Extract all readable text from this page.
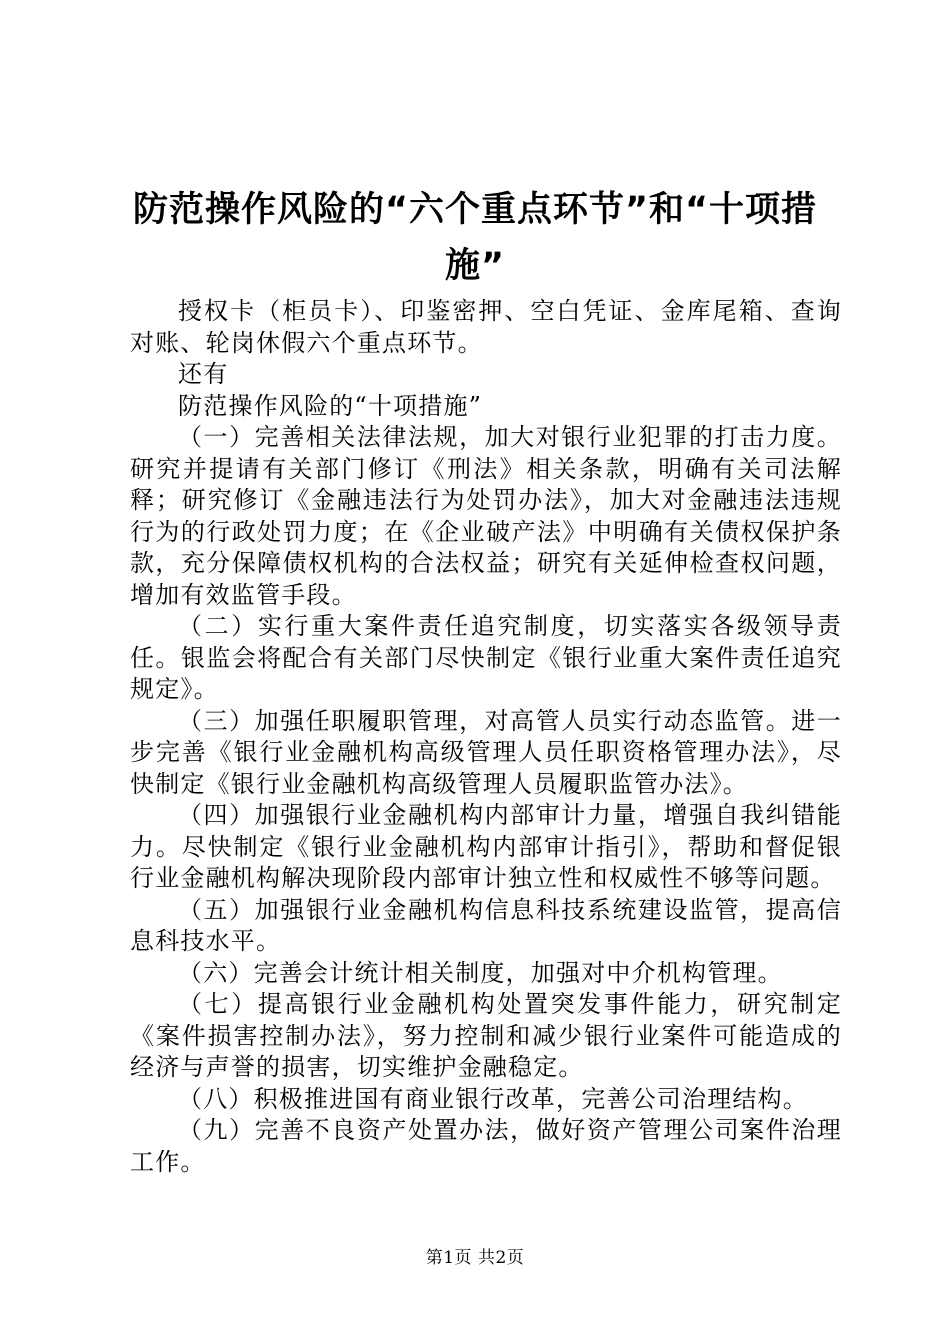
防范操作风险的“六个重点环节”和“十项措施”

授权卡（柜员卡）、印鉴密押、空白凭证、金库尾箱、查询对账、轮岗休假六个重点环节。

还有

防范操作风险的“十项措施”

（一）完善相关法律法规，加大对银行业犯罪的打击力度。研究并提请有关部门修订《刑法》相关条款，明确有关司法解释；研究修订《金融违法行为处罚办法》，加大对金融违法违规行为的行政处罚力度；在《企业破产法》中明确有关债权保护条款，充分保障债权机构的合法权益；研究有关延伸检查权问题，增加有效监管手段。

（二）实行重大案件责任追究制度，切实落实各级领导责任。银监会将配合有关部门尽快制定《银行业重大案件责任追究规定》。

（三）加强任职履职管理，对高管人员实行动态监管。进一步完善《银行业金融机构高级管理人员任职资格管理办法》，尽快制定《银行业金融机构高级管理人员履职监管办法》。

（四）加强银行业金融机构内部审计力量，增强自我纠错能力。尽快制定《银行业金融机构内部审计指引》，帮助和督促银行业金融机构解决现阶段内部审计独立性和权威性不够等问题。

（五）加强银行业金融机构信息科技系统建设监管，提高信息科技水平。

（六）完善会计统计相关制度，加强对中介机构管理。

（七）提高银行业金融机构处置突发事件能力，研究制定《案件损害控制办法》，努力控制和减少银行业案件可能造成的经济与声誉的损害，切实维护金融稳定。

（八）积极推进国有商业银行改革，完善公司治理结构。

（九）完善不良资产处置办法，做好资产管理公司案件治理工作。

第1页 共2页
